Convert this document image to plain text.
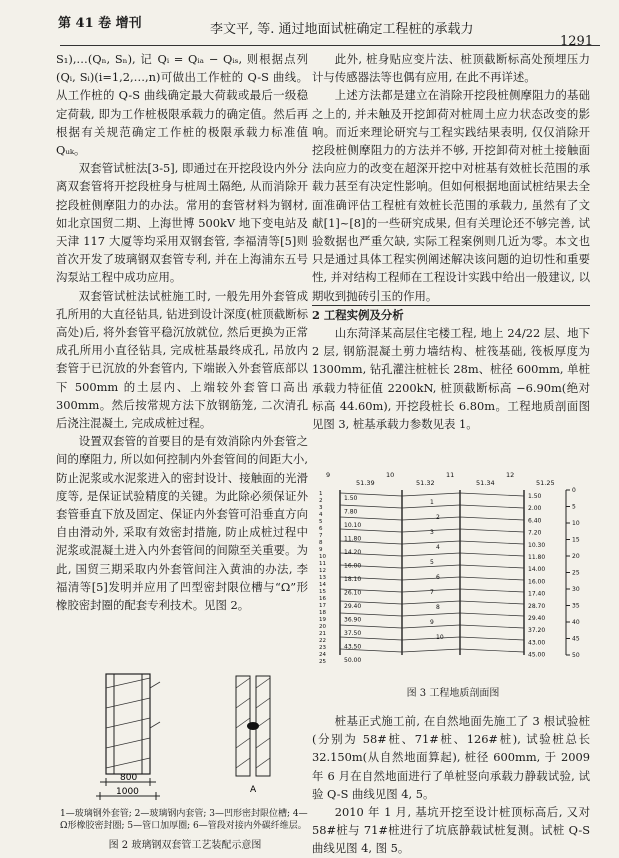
第 41 卷 增刊	李文平, 等. 通过地面试桩确定工程桩的承载力
1291

S₁),…(Qₙ, Sₙ), 记 Qᵢ = Qᵢₐ − Qᵢₛ, 则根据点列(Qᵢ, Sᵢ)(i=1,2,…,n)可做出工作桩的 Q-S 曲线。从工作桩的 Q-S 曲线确定最大荷载或最后一级稳定荷载, 即为工作桩极限承载力的确定值。然后再根据有关规范确定工作桩的极限承载力标准值 Qᵤₖ。

双套管试桩法[3-5], 即通过在开挖段设内外分离双套管将开挖段桩身与桩周土隔绝, 从而消除开挖段桩侧摩阻力的办法。常用的套管材料为钢材, 如北京国贸二期、上海世博 500kV 地下变电站及天津 117 大厦等均采用双钢套管, 李福清等[5]则首次开发了玻璃钢双套管专利, 并在上海浦东五号沟泵站工程中成功应用。

双套管试桩法试桩施工时, 一般先用外套管成孔所用的大直径钻具, 钻进到设计深度(桩顶截断标高处)后, 将外套管平稳沉放就位, 然后更换为正常成孔所用小直径钻具, 完成桩基最终成孔, 吊放内套管于已沉放的外套管内, 下端嵌入外套管底部以下 500mm 的土层内、上端较外套管口高出 300mm。然后按常规方法下放钢筋笼, 二次清孔后浇注混凝土, 完成成桩过程。

设置双套管的首要目的是有效消除内外套管之间的摩阻力, 所以如何控制内外套管间的间距大小, 防止泥浆或水泥浆进入的密封设计、接触面的光滑度等, 是保证试验精度的关键。为此除必须保证外套管垂直下放及固定、保证内外套管可沿垂直方向自由滑动外, 采取有效密封措施, 防止成桩过程中泥浆或混凝土进入内外套管间的间隙至关重要。为此, 国贸三期采取内外套管间注入黄油的办法, 李福清等[5]发明并应用了凹型密封限位槽与“Ω”形橡胶密封圈的配套专利技术。见图 2。

800
1000	A
1—玻璃钢外套管; 2—玻璃钢内套管; 3—凹形密封限位槽; 4—Ω形橡胶密封圈; 5—管口加厚圈; 6—管段对接内外碳纤维层。
图 2 玻璃钢双套管工艺装配示意图

此外, 桩身贴应变片法、桩顶截断标高处预埋压力计与传感器法等也偶有应用, 在此不再详述。

上述方法都是建立在消除开挖段桩侧摩阻力的基础之上的, 并未触及开挖卸荷对桩周土应力状态改变的影响。而近来理论研究与工程实践结果表明, 仅仅消除开挖段桩侧摩阻力的方法并不够, 开挖卸荷对桩土接触面法向应力的改变在超深开挖中对桩基有效桩长范围的承载力甚至有决定性影响。但如何根据地面试桩结果去全面准确评估工程桩有效桩长范围的承载力, 虽然有了文献[1]~[8]的一些研究成果, 但有关理论还不够完善, 试验数据也严重欠缺, 实际工程案例则几近为零。本文也只是通过具体工程实例阐述解决该问题的迫切性和重要性, 并对结构工程师在工程设计实践中给出一般建议, 以期收到抛砖引玉的作用。

2 工程实例及分析

山东菏泽某高层住宅楼工程, 地上 24/22 层、地下 2 层, 钢筋混凝土剪力墙结构、桩筏基础, 筏板厚度为 1300mm, 钻孔灌注桩桩长 28m、桩径 600mm, 单桩承载力特征值 2200kN, 桩顶截断标高 −6.90m(绝对标高 44.60m), 开挖段桩长 6.80m。工程地质剖面图见图 3, 桩基承载力参数见表 1。

9
51.39
10
51.32
11
51.34
12
51.25
1
2
3
4
5
6
7
8
9
10
11
12
13
14
15
16
17
18
19
20
21
22
23
24
25
1.50
7.80
10.10
11.80
14.20
16.00
18.10
26.10
29.40
36.90
37.50
43.50
50.00
1.50
2.00
6.40
7.20
10.30
11.80
14.00
16.00
17.40
28.70
29.40
37.20
43.00
45.00
1
2
3
4
5
6
7
8
9
10
0
5
10
15
20
25
30
35
40
45
50
图 3 工程地质剖面图

桩基正式施工前, 在自然地面先施工了 3 根试验桩(分别为 58#桩、71#桩、126#桩), 试验桩总长 32.150m(从自然地面算起), 桩径 600mm, 于 2009 年 6 月在自然地面进行了单桩竖向承载力静载试验, 试验 Q-S 曲线见图 4, 5。

2010 年 1 月, 基坑开挖至设计桩顶标高后, 又对 58#桩与 71#桩进行了坑底静载试桩复测。试桩 Q-S 曲线见图 4, 图 5。
